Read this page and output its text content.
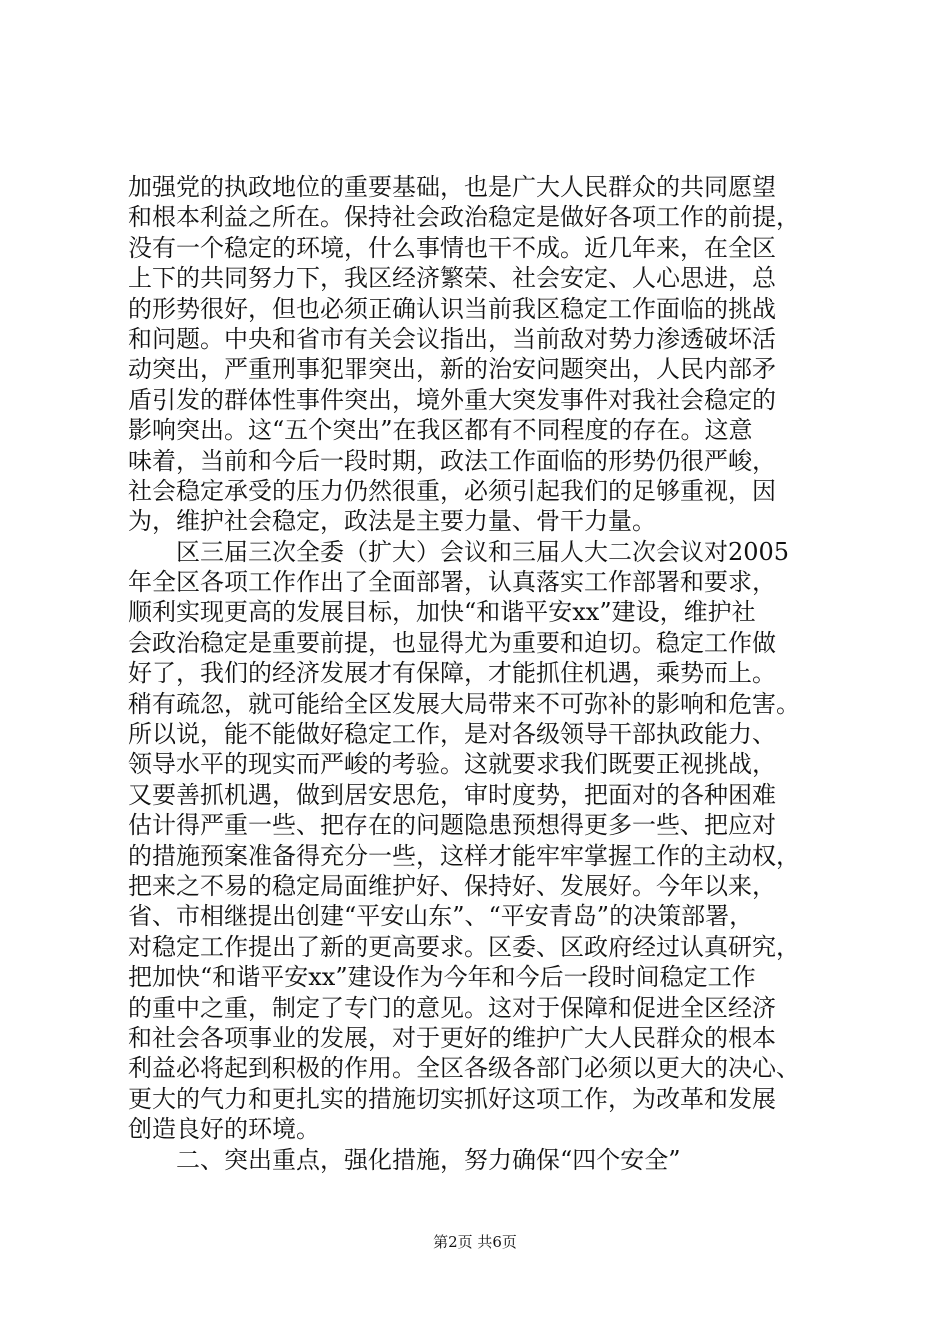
加强党的执政地位的重要基础，也是广大人民群众的共同愿望
和根本利益之所在。保持社会政治稳定是做好各项工作的前提，
没有一个稳定的环境，什么事情也干不成。近几年来，在全区
上下的共同努力下，我区经济繁荣、社会安定、人心思进，总
的形势很好，但也必须正确认识当前我区稳定工作面临的挑战
和问题。中央和省市有关会议指出，当前敌对势力渗透破坏活
动突出，严重刑事犯罪突出，新的治安问题突出，人民内部矛
盾引发的群体性事件突出，境外重大突发事件对我社会稳定的
影响突出。这“五个突出”在我区都有不同程度的存在。这意
味着，当前和今后一段时期，政法工作面临的形势仍很严峻，
社会稳定承受的压力仍然很重，必须引起我们的足够重视，因
为，维护社会稳定，政法是主要力量、骨干力量。
　　区三届三次全委（扩大）会议和三届人大二次会议对2005
年全区各项工作作出了全面部署，认真落实工作部署和要求，
顺利实现更高的发展目标，加快“和谐平安xx”建设，维护社
会政治稳定是重要前提，也显得尤为重要和迫切。稳定工作做
好了，我们的经济发展才有保障，才能抓住机遇，乘势而上。
稍有疏忽，就可能给全区发展大局带来不可弥补的影响和危害。
所以说，能不能做好稳定工作，是对各级领导干部执政能力、
领导水平的现实而严峻的考验。这就要求我们既要正视挑战，
又要善抓机遇，做到居安思危，审时度势，把面对的各种困难
估计得严重一些、把存在的问题隐患预想得更多一些、把应对
的措施预案准备得充分一些，这样才能牢牢掌握工作的主动权，
把来之不易的稳定局面维护好、保持好、发展好。今年以来，
省、市相继提出创建“平安山东”、“平安青岛”的决策部署，
对稳定工作提出了新的更高要求。区委、区政府经过认真研究，
把加快“和谐平安xx”建设作为今年和今后一段时间稳定工作
的重中之重，制定了专门的意见。这对于保障和促进全区经济
和社会各项事业的发展，对于更好的维护广大人民群众的根本
利益必将起到积极的作用。全区各级各部门必须以更大的决心、
更大的气力和更扎实的措施切实抓好这项工作，为改革和发展
创造良好的环境。
　　二、突出重点，强化措施，努力确保“四个安全”
第2页 共6页
